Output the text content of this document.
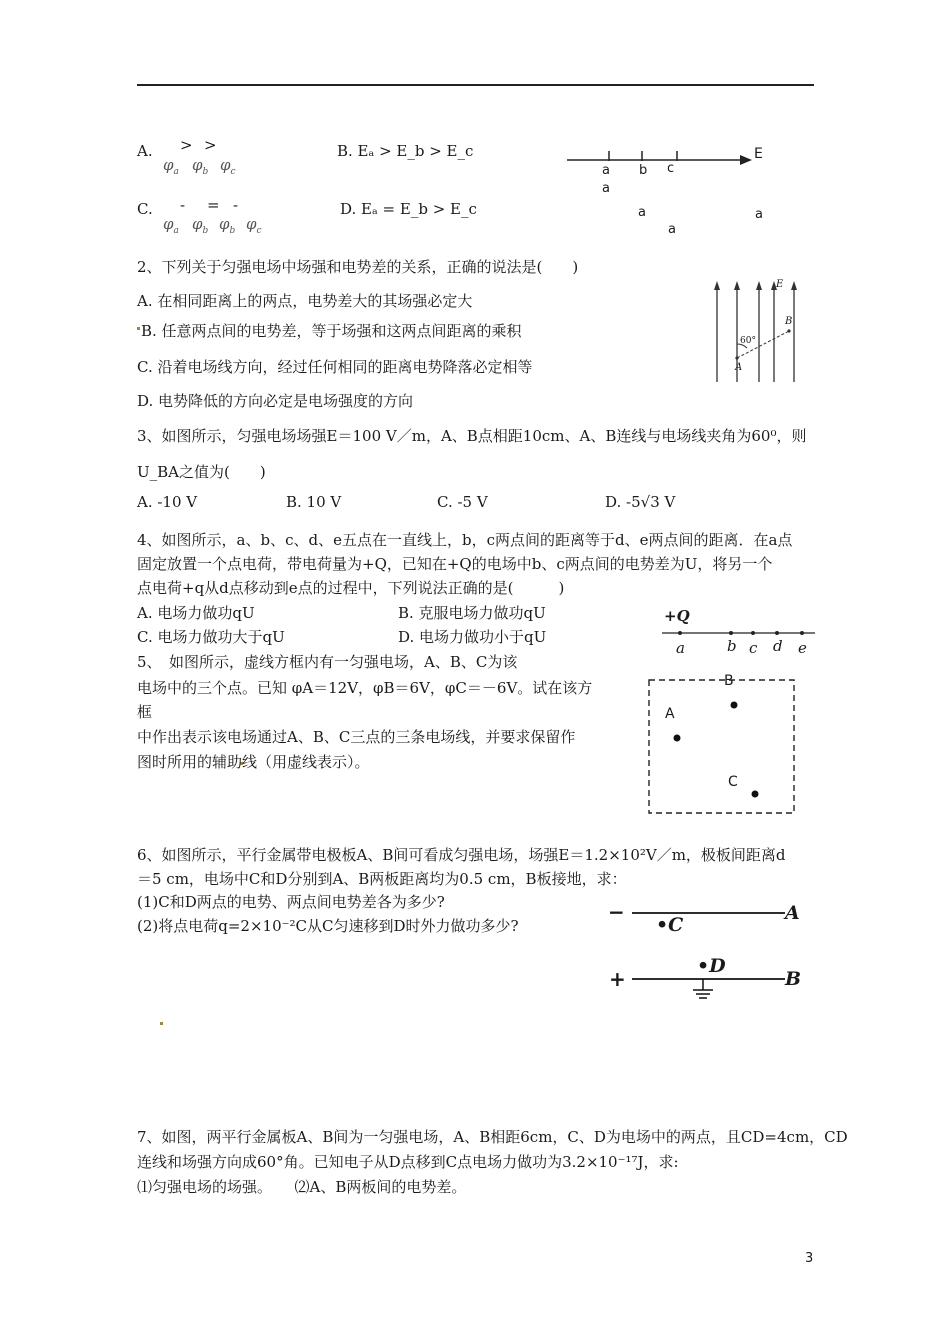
A. > >
$\varphi_a$ $\varphi_b$ $\varphi_c$
B. Eₐ > E_b > E_c
C. - = -
$\varphi_a$ $\varphi_b$ $\varphi_b$ $\varphi_c$
D. Eₐ = E_b > E_c
E
a b c
a
a	a
a
2、下列关于匀强电场中场强和电势差的关系，正确的说法是(　　)
A. 在相同距离上的两点，电势差大的其场强必定大
B. 任意两点间的电势差，等于场强和这两点间距离的乘积
C. 沿着电场线方向，经过任何相同的距离电势降落必定相等
D. 电势降低的方向必定是电场强度的方向
E
B
A
60°
3、如图所示，匀强电场场强E＝100 V／m，A、B点相距10cm、A、B连线与电场线夹角为60⁰，则
U_BA之值为(　　)
A. -10 V	B. 10 V	C. -5 V	D. -5√3 V
4、如图所示，a、b、c、d、e五点在一直线上，b，c两点间的距离等于d、e两点间的距离．在a点
固定放置一个点电荷，带电荷量为+Q，已知在+Q的电场中b、c两点间的电势差为U，将另一个
点电荷+q从d点移动到e点的过程中，下列说法正确的是(　　　)
A. 电场力做功qU	B. 克服电场力做功qU
C. 电场力做功大于qU	D. 电场力做功小于qU
+Q
a	b c d e
5、　如图所示，虚线方框内有一匀强电场，A、B、C为该
电场中的三个点。已知 φA＝12V，φB＝6V，φC＝－6V。试在该方
框
中作出表示该电场通过A、B、C三点的三条电场线，并要求保留作
图时所用的辅助线（用虚线表示）。
A
B
C
6、如图所示，平行金属带电极板A、B间可看成匀强电场，场强E＝1.2×10²V／m，极板间距离d
＝5 cm，电场中C和D分别到A、B两板距离均为0.5 cm，B板接地，求：
(1)C和D两点的电势、两点间电势差各为多少?
(2)将点电荷q=2×10⁻²C从C匀速移到D时外力做功多少?
−
+
A
B
•C
•D
7、如图，两平行金属板A、B间为一匀强电场，A、B相距6cm，C、D为电场中的两点，且CD=4cm，CD
连线和场强方向成60°角。已知电子从D点移到C点电场力做功为3.2×10⁻¹⁷J，求:
⑴匀强电场的场强。　　⑵A、B两板间的电势差。
3
